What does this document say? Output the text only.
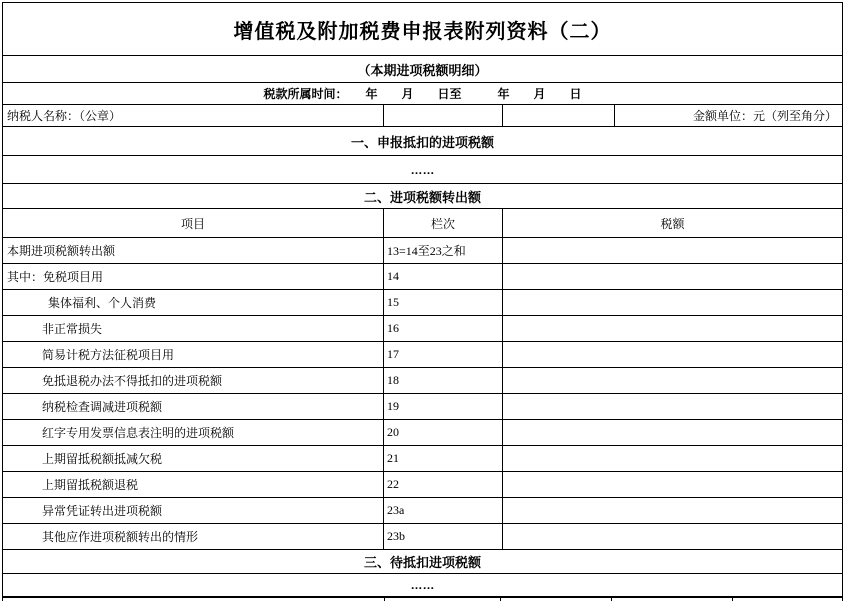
增值税及附加税费申报表附列资料（二）
（本期进项税额明细）
税款所属时间：　　年　　月　　日至　　　年　　月　　日
纳税人名称：（公章）	金额单位：元（列至角分）
一、申报抵扣的进项税额
……
二、进项税额转出额
项目	栏次	税额
本期进项税额转出额	13=14至23之和
其中：免税项目用	14
集体福利、个人消费	15
非正常损失	16
简易计税方法征税项目用	17
免抵退税办法不得抵扣的进项税额	18
纳税检查调减进项税额	19
红字专用发票信息表注明的进项税额	20
上期留抵税额抵减欠税	21
上期留抵税额退税	22
异常凭证转出进项税额	23a
其他应作进项税额转出的情形	23b
三、待抵扣进项税额
……
